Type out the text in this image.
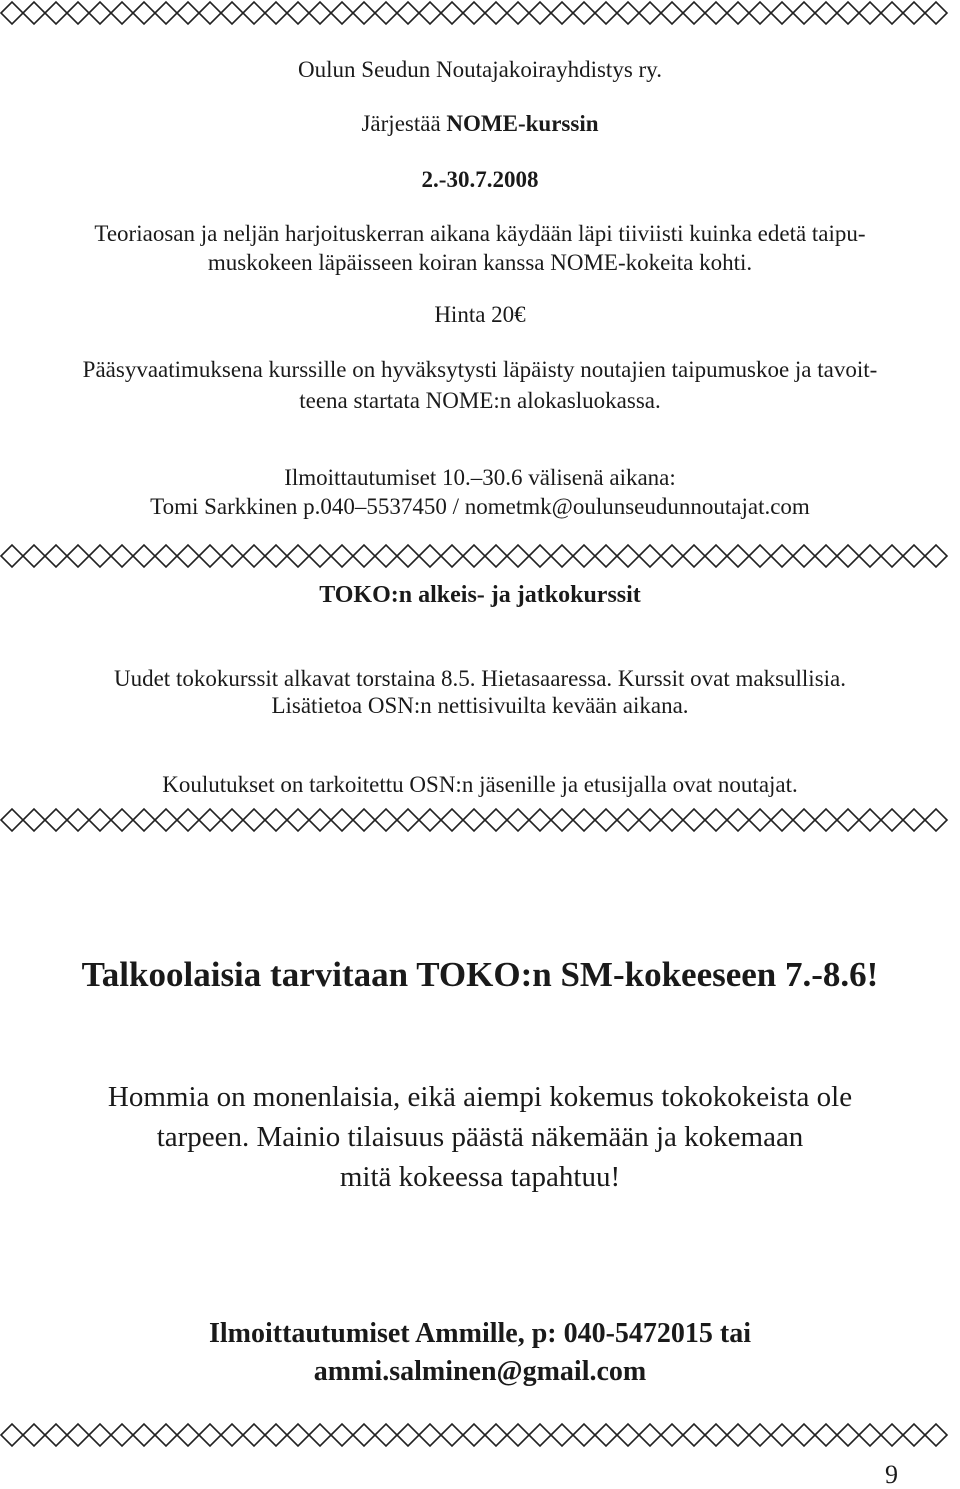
Oulun Seudun Noutajakoirayhdistys ry.

Järjestää NOME-kurssin

2.-30.7.2008

Teoriaosan ja neljän harjoituskerran aikana käydään läpi tiiviisti kuinka edetä taipu-

muskokeen läpäisseen koiran kanssa NOME-kokeita kohti.

Hinta 20€

Pääsyvaatimuksena kurssille on hyväksytysti läpäisty noutajien taipumuskoe ja tavoit-

teena startata NOME:n alokasluokassa.

Ilmoittautumiset 10.–30.6 välisenä aikana:

Tomi Sarkkinen p.040–5537450 / nometmk@oulunseudunnoutajat.com

TOKO:n alkeis- ja jatkokurssit

Uudet tokokurssit alkavat torstaina 8.5. Hietasaaressa. Kurssit ovat maksullisia.

Lisätietoa OSN:n nettisivuilta kevään aikana.

Koulutukset on tarkoitettu OSN:n jäsenille ja etusijalla ovat noutajat.

Talkoolaisia tarvitaan TOKO:n SM-kokeeseen 7.-8.6!

Hommia on monenlaisia, eikä aiempi kokemus tokokokeista ole

tarpeen. Mainio tilaisuus päästä näkemään ja kokemaan

mitä kokeessa tapahtuu!

Ilmoittautumiset Ammille, p: 040-5472015 tai

ammi.salminen@gmail.com

9
